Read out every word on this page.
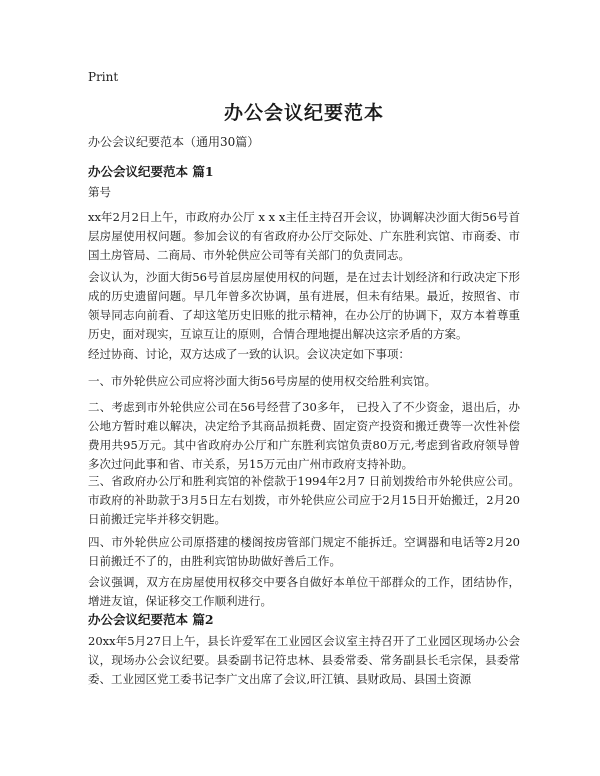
Print
办公会议纪要范本
办公会议纪要范本（通用30篇）
办公会议纪要范本 篇1

第号

xx年2月2日上午，市政府办公厅 x x x主任主持召开会议，协调解决沙面大街56号首层房屋使用权问题。参加会议的有省政府办公厅交际处、广东胜利宾馆、市商委、市国土房管局、二商局、市外轮供应公司等有关部门的负责同志。

会议认为，沙面大街56号首层房屋使用权的问题，是在过去计划经济和行政决定下形成的历史遗留问题。早几年曾多次协调，虽有进展，但未有结果。最近，按照省、市领导同志向前看、了却这笔历史旧账的批示精神，在办公厅的协调下，双方本着尊重历史，面对现实，互谅互让的原则，合情合理地提出解决这宗矛盾的方案。

经过协商、讨论，双方达成了一致的认识。会议决定如下事项：

一、市外轮供应公司应将沙面大街56号房屋的使用权交给胜利宾馆。

二、考虑到市外轮供应公司在56号经营了30多年， 已投入了不少资金，退出后，办公地方暂时难以解决，决定给予其商品损耗费、固定资产投资和搬迁费等一次性补偿费用共95万元。其中省政府办公厅和广东胜利宾馆负责80万元,考虑到省政府领导曾多次过问此事和省、市关系，另15万元由广州市政府支持补助。

三、省政府办公厅和胜利宾馆的补偿款于1994年2月7 日前划拨给市外轮供应公司。市政府的补助款于3月5日左右划拨，市外轮供应公司应于2月15日开始搬迁，2月20 日前搬迁完毕并移交钥匙。

四、市外轮供应公司原搭建的楼阁按房管部门规定不能拆迁。空调器和电话等2月20日前搬迁不了的，由胜利宾馆协助做好善后工作。

会议强调，双方在房屋使用权移交中要各自做好本单位干部群众的工作，团结协作，增进友谊，保证移交工作顺利进行。

办公会议纪要范本 篇2

20xx年5月27日上午，县长许爱军在工业园区会议室主持召开了工业园区现场办公会议，现场办公会议纪要。县委副书记符忠林、县委常委、常务副县长毛宗保，县委常委、工业园区党工委书记李广文出席了会议,旰江镇、县财政局、县国土资源
